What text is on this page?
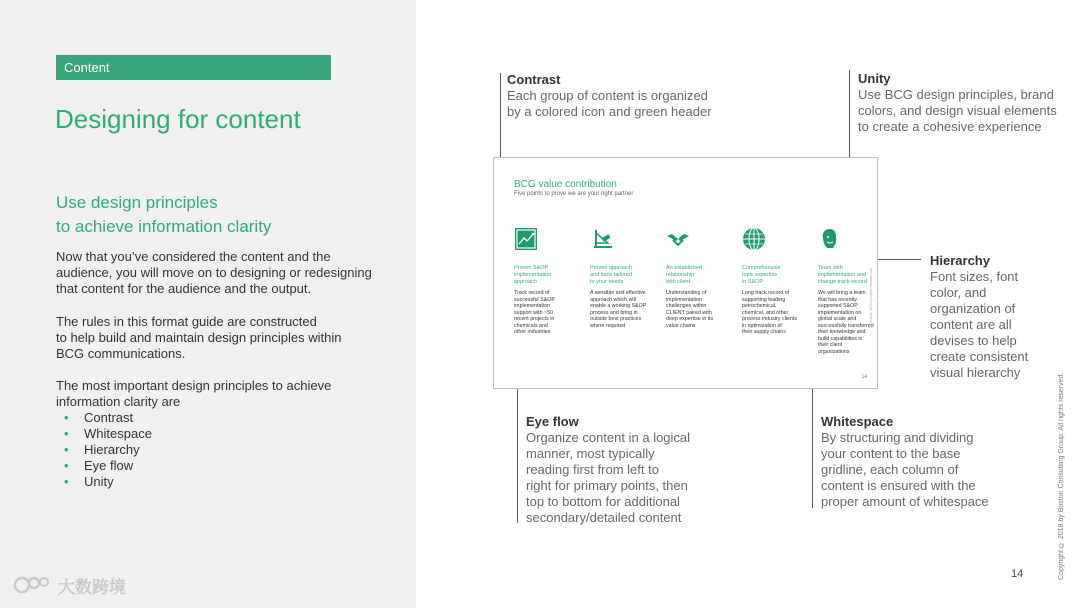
Content
Designing for content
Use design principles
to achieve information clarity
Now that you’ve considered the content and the
audience, you will move on to designing or redesigning
that content for the audience and the output.
The rules in this format guide are constructed
to help build and maintain design principles within
BCG communications.
The most important design principles to achieve
information clarity are
• Contrast
• Whitespace
• Hierarchy
• Eye flow
• Unity
大数跨境
Contrast
Each group of content is organized
by a colored icon and green header
Unity
Use BCG design principles, brand
colors, and design visual elements
to create a cohesive experience
Hierarchy
Font sizes, font
color, and
organization of
content are all
devises to help
create consistent
visual hierarchy
Eye flow
Organize content in a logical
manner, most typically
reading first from left to
right for primary points, then
top to bottom for additional
secondary/detailed content
Whitespace
By structuring and dividing
your content to the base
gridline, each column of
content is ensured with the
proper amount of whitespace
BCG value contribution
Five points to prove we are your right partner
Proven S&OP
implementation
approach
Track record of
successful S&OP
implementation
support with ~50
recent projects in
chemicals and
other industries
Proven approach
and tools tailored
to your needs
A sensible and effective
approach which will
enable a working S&OP
process and bring in
outside best practices
where required
An established
relationship
with client
Understanding of
implementation
challenges within
CLIENT paired with
deep expertise in its
value chains
Comprehensive
topic expertise
in S&OP
Long track record of
supporting leading
petrochemical,
chemical, and other
process industry clients
in optimization of
their supply chains
Team with
implementation and
change track-record
We will bring a team
that has recently
supported S&OP
implementation on
global scale and
successfully transferred
their knowledge and
build capabilities in
their client
organizations
Source: BCG project experience
14
14	Copyright © 2018 by Boston Consulting Group. All rights reserved.
